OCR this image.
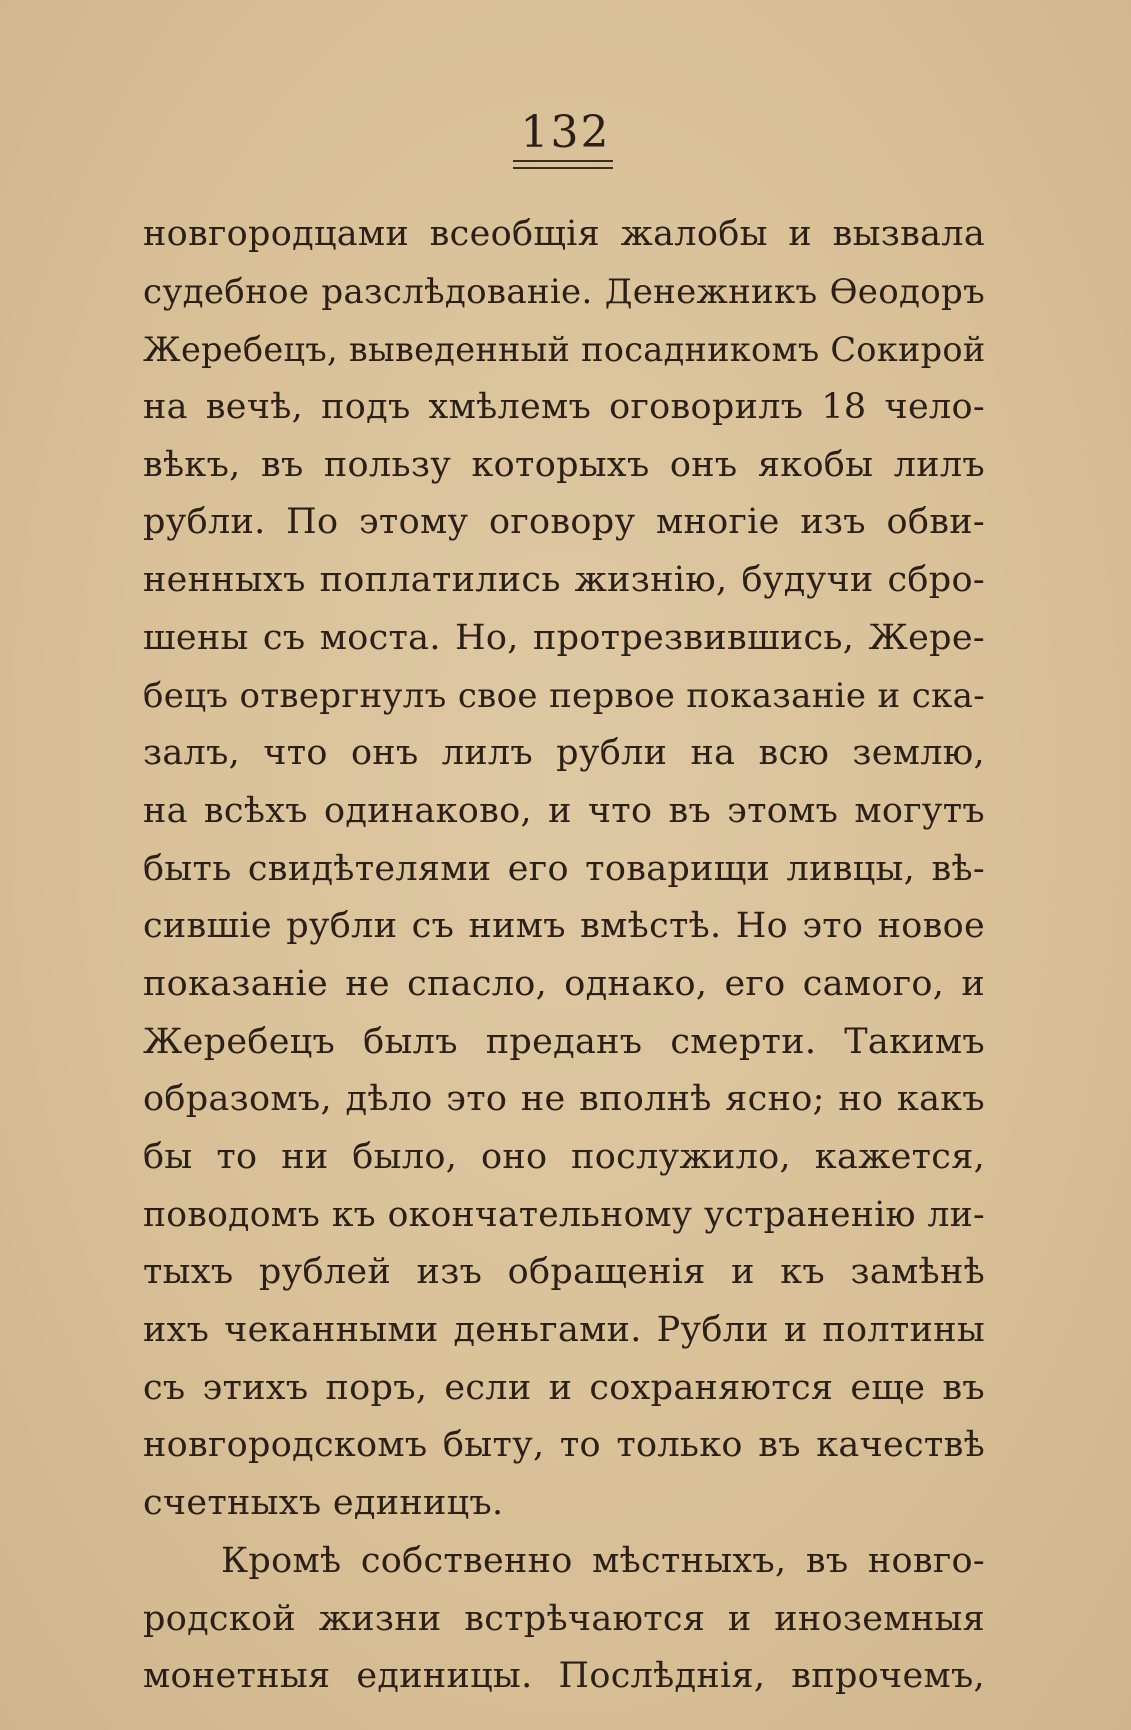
132
новгородцами всеобщія жалобы и вызвала
судебное разслѣдованіе. Денежникъ Ѳеодоръ
Жеребецъ, выведенный посадникомъ Сокирой
на вечѣ, подъ хмѣлемъ оговорилъ 18 чело-
вѣкъ, въ пользу которыхъ онъ якобы лилъ
рубли. По этому оговору многіе изъ обви-
ненныхъ поплатились жизнію, будучи сбро-
шены съ моста. Но, протрезвившись, Жере-
бецъ отвергнулъ свое первое показаніе и ска-
залъ, что онъ лилъ рубли на всю землю,
на всѣхъ одинаково, и что въ этомъ могутъ
быть свидѣтелями его товарищи ливцы, вѣ-
сившіе рубли съ нимъ вмѣстѣ. Но это новое
показаніе не спасло, однако, его самого, и
Жеребецъ былъ преданъ смерти. Такимъ
образомъ, дѣло это не вполнѣ ясно; но какъ
бы то ни было, оно послужило, кажется,
поводомъ къ окончательному устраненію ли-
тыхъ рублей изъ обращенія и къ замѣнѣ
ихъ чеканными деньгами. Рубли и полтины
съ этихъ поръ, если и сохраняются еще въ
новгородскомъ быту, то только въ качествѣ
счетныхъ единицъ.
Кромѣ собственно мѣстныхъ, въ новго-
родской жизни встрѣчаются и иноземныя
монетныя единицы. Послѣднія, впрочемъ,
